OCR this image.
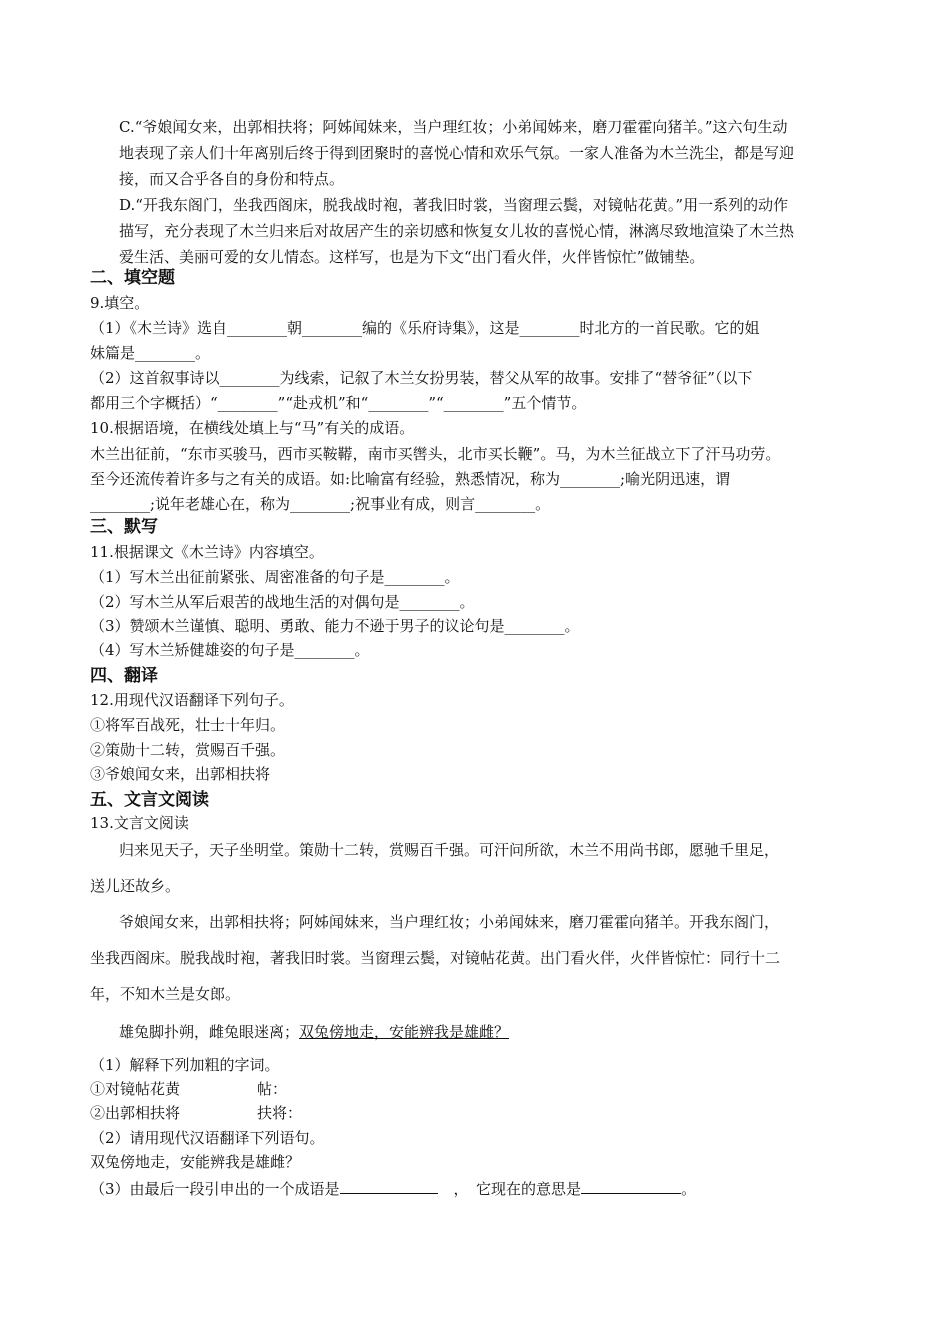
C.“爷娘闻女来，出郭相扶将；阿姊闻妹来，当户理红妆；小弟闻姊来，磨刀霍霍向猪羊。”这六句生动
地表现了亲人们十年离别后终于得到团聚时的喜悦心情和欢乐气氛。一家人准备为木兰洗尘，都是写迎
接，而又合乎各自的身份和特点。
D.“开我东阁门，坐我西阁床，脱我战时袍，著我旧时裳，当窗理云鬓，对镜帖花黄。”用一系列的动作
描写，充分表现了木兰归来后对故居产生的亲切感和恢复女儿妆的喜悦心情，淋漓尽致地渲染了木兰热
爱生活、美丽可爱的女儿情态。这样写，也是为下文“出门看火伴，火伴皆惊忙”做铺垫。
二、填空题
9.填空。
（1）《木兰诗》选自________朝________编的《乐府诗集》，这是________时北方的一首民歌。它的姐
妹篇是________。
（2）这首叙事诗以________为线索，记叙了木兰女扮男装，替父从军的故事。安排了“替爷征”（以下
都用三个字概括）“________”“赴戎机”和“________”“________”五个情节。
10.根据语境，在横线处填上与“马”有关的成语。
木兰出征前，“东市买骏马，西市买鞍鞯，南市买辔头，北市买长鞭”。马，为木兰征战立下了汗马功劳。
至今还流传着许多与之有关的成语。如:比喻富有经验，熟悉情况，称为________;喻光阴迅速，谓
________;说年老雄心在，称为________;祝事业有成，则言________。
三、默写
11.根据课文《木兰诗》内容填空。
（1）写木兰出征前紧张、周密准备的句子是________。
（2）写木兰从军后艰苦的战地生活的对偶句是________。
（3）赞颂木兰谨慎、聪明、勇敢、能力不逊于男子的议论句是________。
（4）写木兰矫健雄姿的句子是________。
四、翻译
12.用现代汉语翻译下列句子。
①将军百战死，壮士十年归。
②策勋十二转，赏赐百千强。
③爷娘闻女来，出郭相扶将
五、文言文阅读
13.文言文阅读
归来见天子，天子坐明堂。策勋十二转，赏赐百千强。可汗问所欲，木兰不用尚书郎，愿驰千里足，
送儿还故乡。
爷娘闻女来，出郭相扶将；阿姊闻妹来，当户理红妆；小弟闻妹来，磨刀霍霍向猪羊。开我东阁门，
坐我西阁床。脱我战时袍，著我旧时裳。当窗理云鬓，对镜帖花黄。出门看火伴，火伴皆惊忙：同行十二
年，不知木兰是女郎。
雄兔脚扑朔，雌兔眼迷离；双兔傍地走，安能辨我是雄雌？
（1）解释下列加粗的字词。
①对镜帖花黄	帖：
②出郭相扶将	扶将：
（2）请用现代汉语翻译下列语句。
双兔傍地走，安能辨我是雄雌？
（3）由最后一段引申出的一个成语是	，　它现在的意思是	。
